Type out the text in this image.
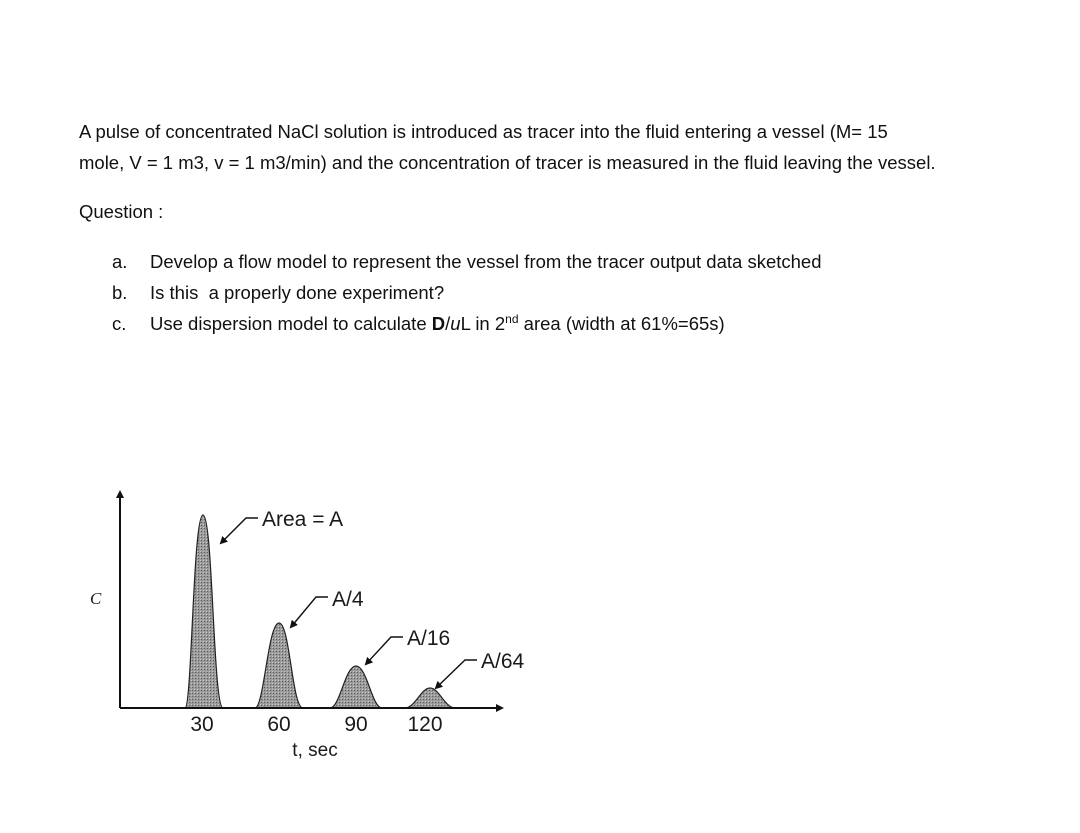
A pulse of concentrated NaCl solution is introduced as tracer into the fluid entering a vessel (M= 15
mole, V = 1 m3, v = 1 m3/min) and the concentration of tracer is measured in the fluid leaving the vessel.
Question :
a.	Develop a flow model to represent the vessel from the tracer output data sketched
b.	Is this  a properly done experiment?
c.	Use dispersion model to calculate D/uL in 2nd area (width at 61%=65s)
Area = A
A/4
A/16
A/64
C
30	60	90 120
t, sec
